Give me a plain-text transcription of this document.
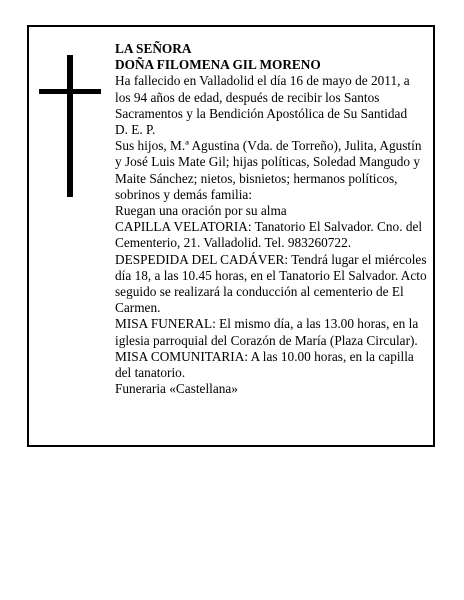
LA SEÑORA

DOÑA FILOMENA GIL MORENO

Ha fallecido en Valladolid el día 16 de mayo de 2011, a los 94 años de edad, después de recibir los Santos Sacramentos y la Bendición Apostólica de Su Santidad

D. E. P.

Sus hijos, M.ª Agustina (Vda. de Torreño), Julita, Agustín y José Luis Mate Gil; hijas políticas, Soledad Mangudo y Maite Sánchez; nietos, bisnietos; hermanos políticos, sobrinos y demás familia:

Ruegan una oración por su alma

CAPILLA VELATORIA: Tanatorio El Salvador. Cno. del Cementerio, 21. Valladolid. Tel. 983260722.

DESPEDIDA DEL CADÁVER: Tendrá lugar el miércoles día 18, a las 10.45 horas, en el Tanatorio El Salvador. Acto seguido se realizará la conducción al cementerio de El Carmen.

MISA FUNERAL: El mismo día, a las 13.00 horas, en la iglesia parroquial del Corazón de María (Plaza Circular).

MISA COMUNITARIA: A las 10.00 horas, en la capilla del tanatorio.

Funeraria «Castellana»
